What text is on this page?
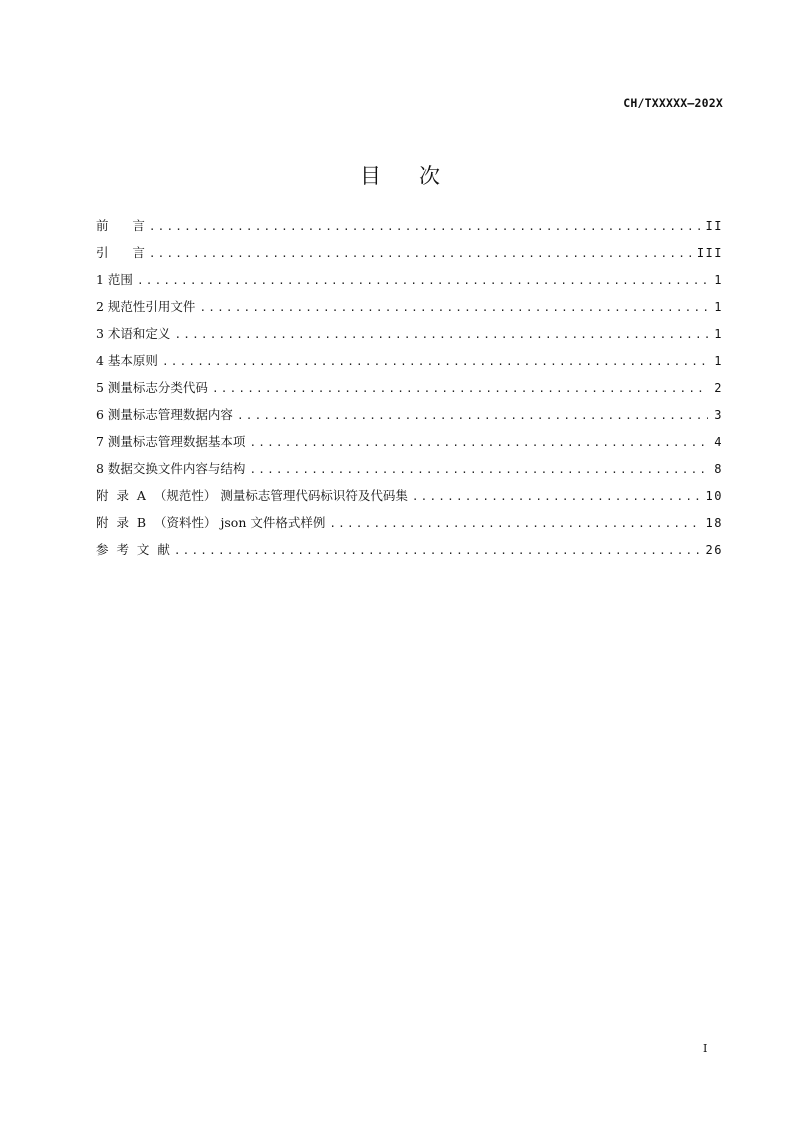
CH/TXXXXX—202X
目次
前      言 .....	II
引      言 .....	III
1 范围 .....	1
2 规范性引用文件 .....	1
3 术语和定义 .....	1
4 基本原则 .....	1
5 测量标志分类代码 .....	2
6 测量标志管理数据内容 .....	3
7 测量标志管理数据基本项 .....	4
8 数据交换文件内容与结构 .....	8
附  录  A  （规范性） 测量标志管理代码标识符及代码集 .....	10
附  录  B  （资料性） json 文件格式样例 .....	18
参  考  文  献 .....	26
I
